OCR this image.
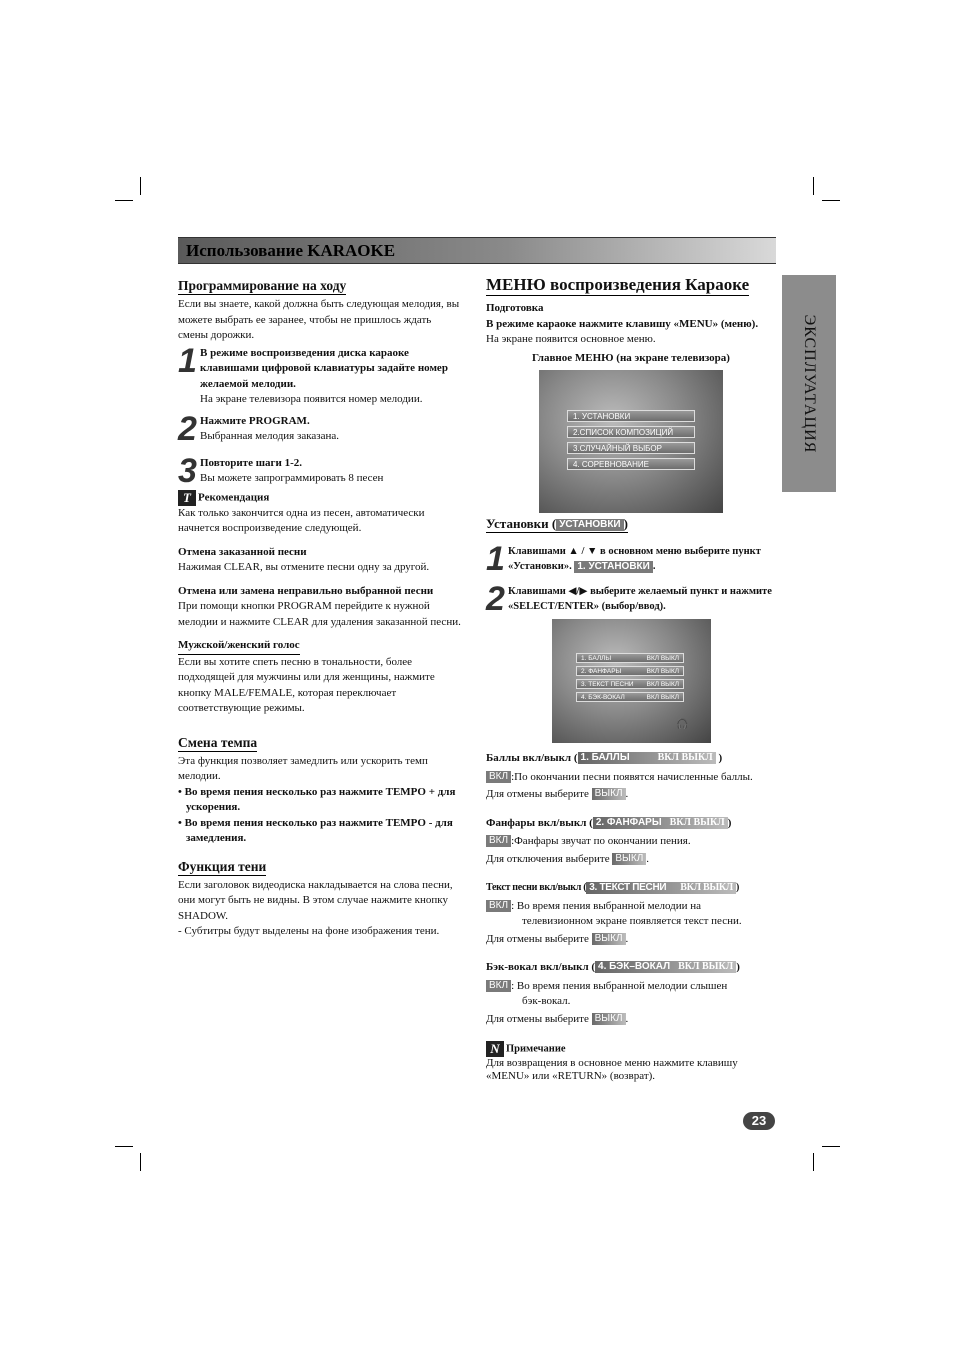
Использование KARAOKE
ЭКСПЛУАТАЦИЯ
Программирование на ходу

Если вы знаете, какой должна быть следующая мелодия, вы можете выбрать ее заранее, чтобы не пришлось ждать смены дорожки.

1 В режиме воспроизведения диска караоке клавишами цифровой клавиатуры задайте номер желаемой мелодии.

На экране телевизора появится номер мелодии.

2 Нажмите PROGRAM.

Выбранная мелодия заказана.

3 Повторите шаги 1-2.

Вы можете запрограммировать 8 песен

T Рекомендация

Как только закончится одна из песен, автоматически начнется воспроизведение следующей.

Отмена заказанной песни

Нажимая CLEAR, вы отмените песни одну за другой.

Отмена или замена неправильно выбранной песни

При помощи кнопки PROGRAM перейдите к нужной мелодии и нажмите CLEAR для удаления заказанной песни.

Мужской/женский голос

Если вы хотите спеть песню в тональности, более подходящей для мужчины или для женщины, нажмите кнопку MALE/FEMALE, которая переключает соответствующие режимы.

Смена темпа

Эта функция позволяет замедлить или ускорить темп мелодии.

• Во время пения несколько раз нажмите TEMPO + для ускорения.

• Во время пения несколько раз нажмите TEMPO - для замедления.

Функция тени

Если заголовок видеодиска накладывается на слова песни, они могут быть не видны. В этом случае нажмите кнопку SHADOW.

- Субтитры будут выделены на фоне изображения тени.

МЕНЮ воспроизведения Караоке

Подготовка

В режиме караоке нажмите клавишу «MENU» (меню).

На экране появится основное меню.

Главное МЕНЮ (на экране телевизора)

1. УСТАНОВКИ
2.СПИСОК КОМПОЗИЦИЙ
3.СЛУЧАЙНЫЙ ВЫБОР
4. СОРЕВНОВАНИЕ
Установки ( УСТАНОВКИ )
1 Клавишами ▲ / ▼ в основном меню выберите пункт «Установки». 1. УСТАНОВКИ .

2 Клавишами ◀/▶ выберите желаемый пункт и нажмите «SELECT/ENTER» (выбор/ввод).

1. БАЛЛЫ	ВКЛ ВЫКЛ
2. ФАНФАРЫ	ВКЛ ВЫКЛ
3. ТЕКСТ ПЕСНИ ВКЛ ВЫКЛ
4. БЭК-ВОКАЛ	ВКЛ ВЫКЛ
🎧

Баллы вкл/выкл ( 1. БАЛЛЫ	ВКЛ ВЫКЛ )

ВКЛ :По окончании песни появятся начисленные баллы.

Для отмены выберите ВЫКЛ .

Фанфары вкл/выкл ( 2. ФАНФАРЫ ВКЛ ВЫКЛ )

ВКЛ :Фанфары звучат по окончании пения.

Для отключения выберите ВЫКЛ .

Текст песни вкл/выкл ( 3. ТЕКСТ ПЕСНИ ВКЛ ВЫКЛ )

ВКЛ : Во время пения выбранной мелодии на

телевизионном экране появляется текст песни.

Для отмены выберите ВЫКЛ .

Бэк-вокал вкл/выкл ( 4. БЭК–ВОКАЛ ВКЛ ВЫКЛ )

ВКЛ : Во время пения выбранной мелодии слышен

бэк-вокал.

Для отмены выберите ВЫКЛ .

N Примечание

Для возвращения в основное меню нажмите клавишу «MENU» или «RETURN» (возврат).

23
